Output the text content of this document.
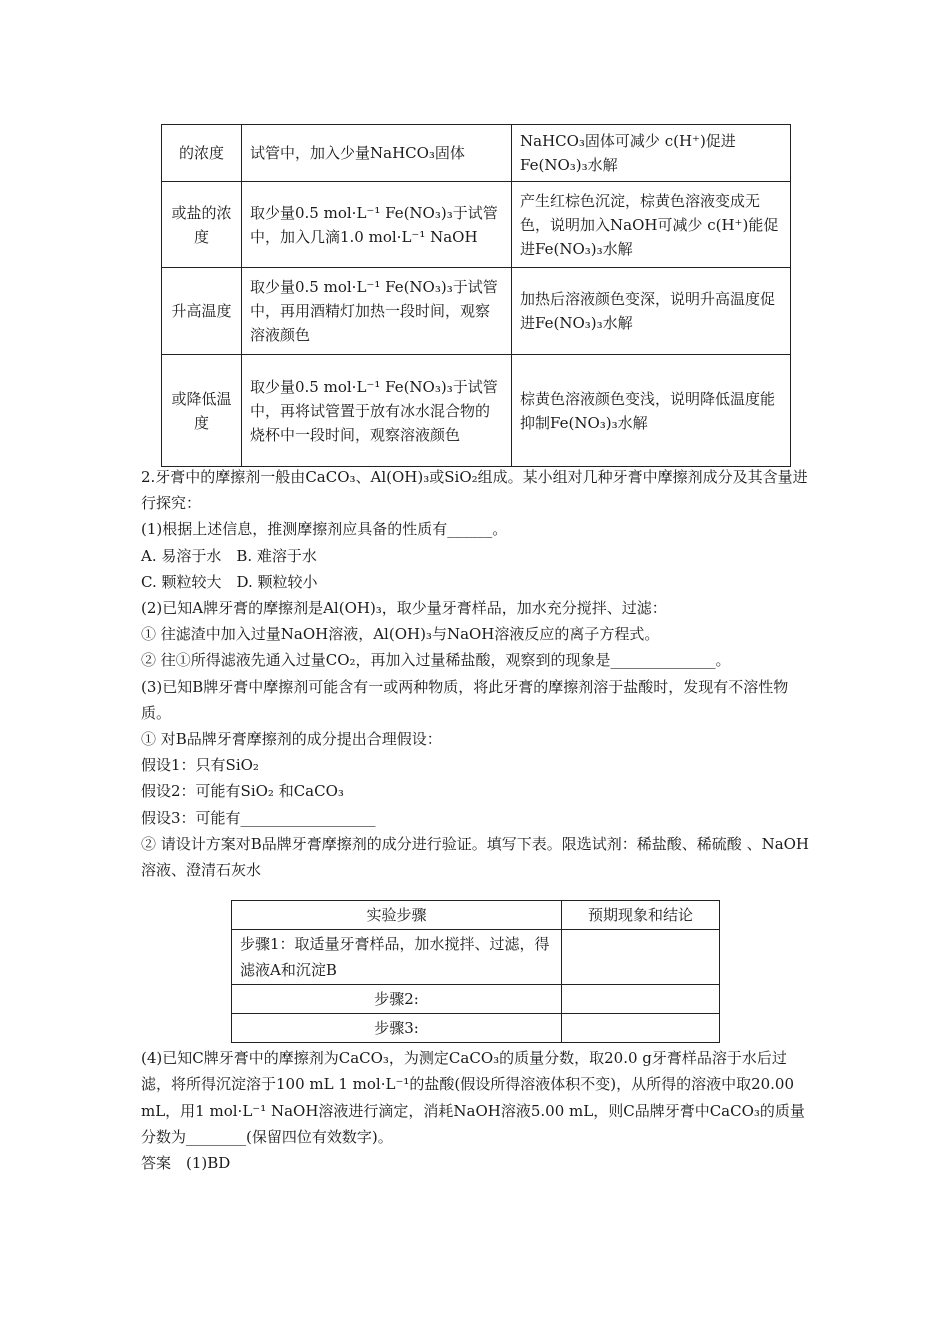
的浓度	试管中，加入少量NaHCO₃固体	NaHCO₃固体可减少 c(H⁺)促进Fe(NO₃)₃水解
或盐的浓度	取少量0.5 mol·L⁻¹ Fe(NO₃)₃于试管中，加入几滴1.0 mol·L⁻¹ NaOH	产生红棕色沉淀，棕黄色溶液变成无色，说明加入NaOH可减少 c(H⁺)能促进Fe(NO₃)₃水解
升高温度	取少量0.5 mol·L⁻¹ Fe(NO₃)₃于试管中，再用酒精灯加热一段时间，观察溶液颜色	加热后溶液颜色变深，说明升高温度促进Fe(NO₃)₃水解
或降低温度	取少量0.5 mol·L⁻¹ Fe(NO₃)₃于试管中，再将试管置于放有冰水混合物的烧杯中一段时间，观察溶液颜色	棕黄色溶液颜色变浅，说明降低温度能抑制Fe(NO₃)₃水解

2.牙膏中的摩擦剂一般由CaCO₃、Al(OH)₃或SiO₂组成。某小组对几种牙膏中摩擦剂成分及其含量进行探究：

(1)根据上述信息，推测摩擦剂应具备的性质有______。

A. 易溶于水　B. 难溶于水

C. 颗粒较大　D. 颗粒较小

(2)已知A牌牙膏的摩擦剂是Al(OH)₃，取少量牙膏样品，加水充分搅拌、过滤：

① 往滤渣中加入过量NaOH溶液，Al(OH)₃与NaOH溶液反应的离子方程式。

② 往①所得滤液先通入过量CO₂，再加入过量稀盐酸，观察到的现象是______________。

(3)已知B牌牙膏中摩擦剂可能含有一或两种物质，将此牙膏的摩擦剂溶于盐酸时，发现有不溶性物质。

① 对B品牌牙膏摩擦剂的成分提出合理假设：

假设1：只有SiO₂

假设2：可能有SiO₂ 和CaCO₃

假设3：可能有__________________

② 请设计方案对B品牌牙膏摩擦剂的成分进行验证。填写下表。限选试剂：稀盐酸、稀硫酸 、NaOH溶液、澄清石灰水

实验步骤	预期现象和结论
步骤1：取适量牙膏样品，加水搅拌、过滤，得滤液A和沉淀B	
步骤2:	
步骤3:	

(4)已知C牌牙膏中的摩擦剂为CaCO₃，为测定CaCO₃的质量分数，取20.0 g牙膏样品溶于水后过滤，将所得沉淀溶于100 mL 1 mol·L⁻¹的盐酸(假设所得溶液体积不变)，从所得的溶液中取20.00 mL，用1 mol·L⁻¹ NaOH溶液进行滴定，消耗NaOH溶液5.00 mL，则C品牌牙膏中CaCO₃的质量分数为________(保留四位有效数字)。

答案　(1)BD
